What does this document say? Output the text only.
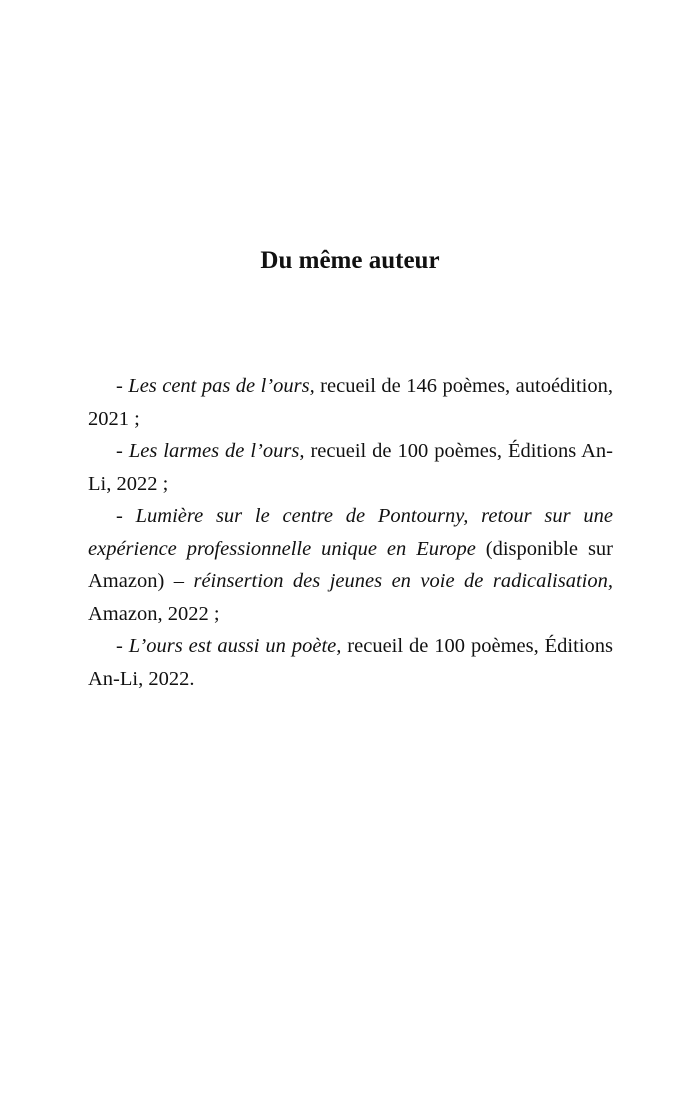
Du même auteur

- Les cent pas de l’ours, recueil de 146 poèmes, autoédition, 2021 ;

- Les larmes de l’ours, recueil de 100 poèmes, Éditions An-Li, 2022 ;

- Lumière sur le centre de Pontourny, retour sur une expérience professionnelle unique en Europe (disponible sur Amazon) – réinsertion des jeunes en voie de radicalisation, Amazon, 2022 ;

- L’ours est aussi un poète, recueil de 100 poèmes, Éditions An-Li, 2022.
